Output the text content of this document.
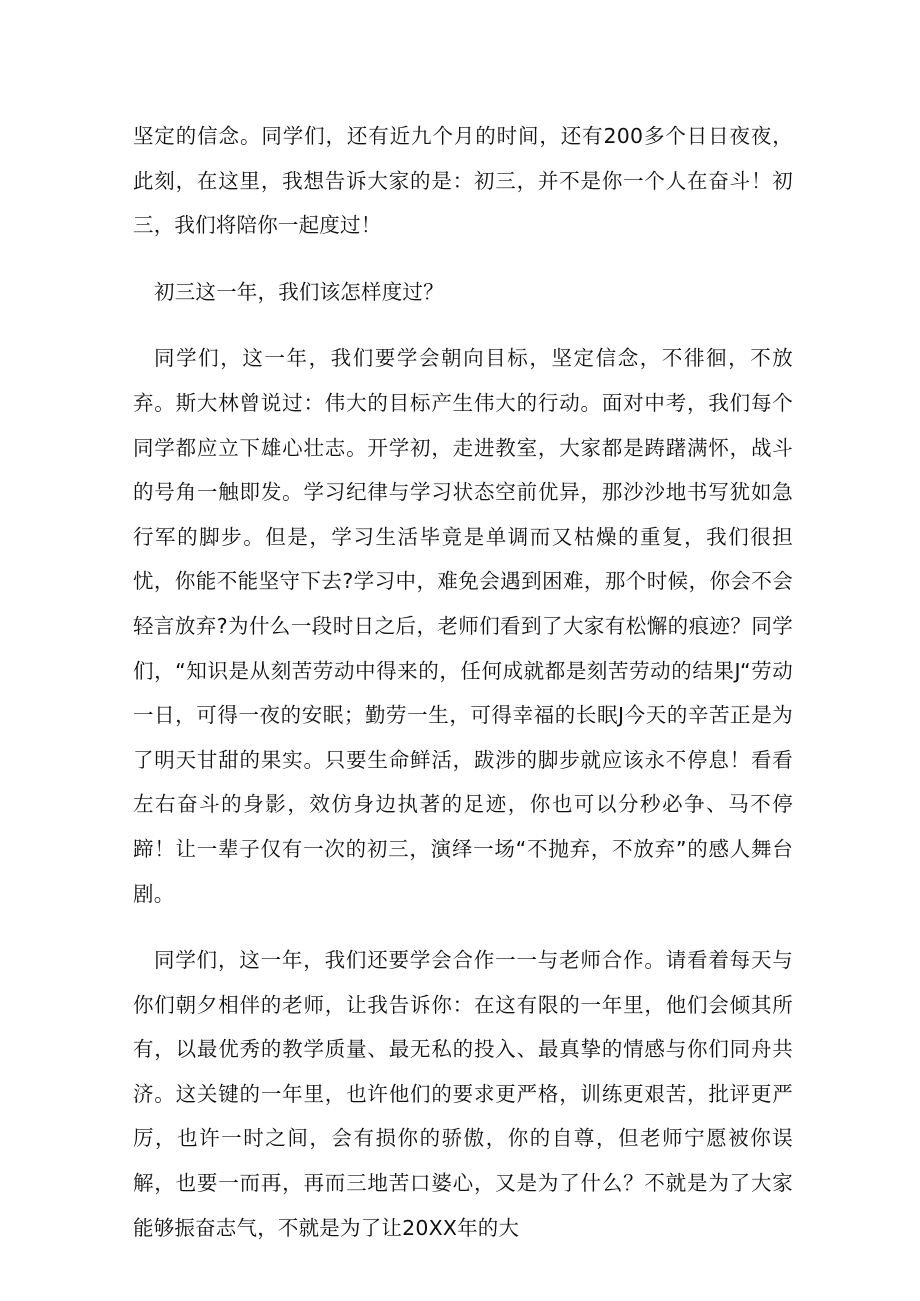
坚定的信念。同学们，还有近九个月的时间，还有200多个日日夜夜，此刻，在这里，我想告诉大家的是：初三，并不是你一个人在奋斗！初三，我们将陪你一起度过！

初三这一年，我们该怎样度过？

同学们，这一年，我们要学会朝向目标，坚定信念，不徘徊，不放弃。斯大林曾说过：伟大的目标产生伟大的行动。面对中考，我们每个同学都应立下雄心壮志。开学初，走进教室，大家都是踌躇满怀，战斗的号角一触即发。学习纪律与学习状态空前优异，那沙沙地书写犹如急行军的脚步。但是，学习生活毕竟是单调而又枯燥的重复，我们很担忧，你能不能坚守下去?学习中，难免会遇到困难，那个时候，你会不会轻言放弃?为什么一段时日之后，老师们看到了大家有松懈的痕迹？同学们，“知识是从刻苦劳动中得来的，任何成就都是刻苦劳动的结果J“劳动一日，可得一夜的安眠；勤劳一生，可得幸福的长眠J今天的辛苦正是为了明天甘甜的果实。只要生命鲜活，跋涉的脚步就应该永不停息！看看左右奋斗的身影，效仿身边执著的足迹，你也可以分秒必争、马不停蹄！让一辈子仅有一次的初三，演绎一场“不抛弃，不放弃”的感人舞台剧。

同学们，这一年，我们还要学会合作一一与老师合作。请看着每天与你们朝夕相伴的老师，让我告诉你：在这有限的一年里，他们会倾其所有，以最优秀的教学质量、最无私的投入、最真挚的情感与你们同舟共济。这关键的一年里，也许他们的要求更严格，训练更艰苦，批评更严厉，也许一时之间，会有损你的骄傲，你的自尊，但老师宁愿被你误解，也要一而再，再而三地苦口婆心，又是为了什么？不就是为了大家能够振奋志气，不就是为了让20XX年的大
